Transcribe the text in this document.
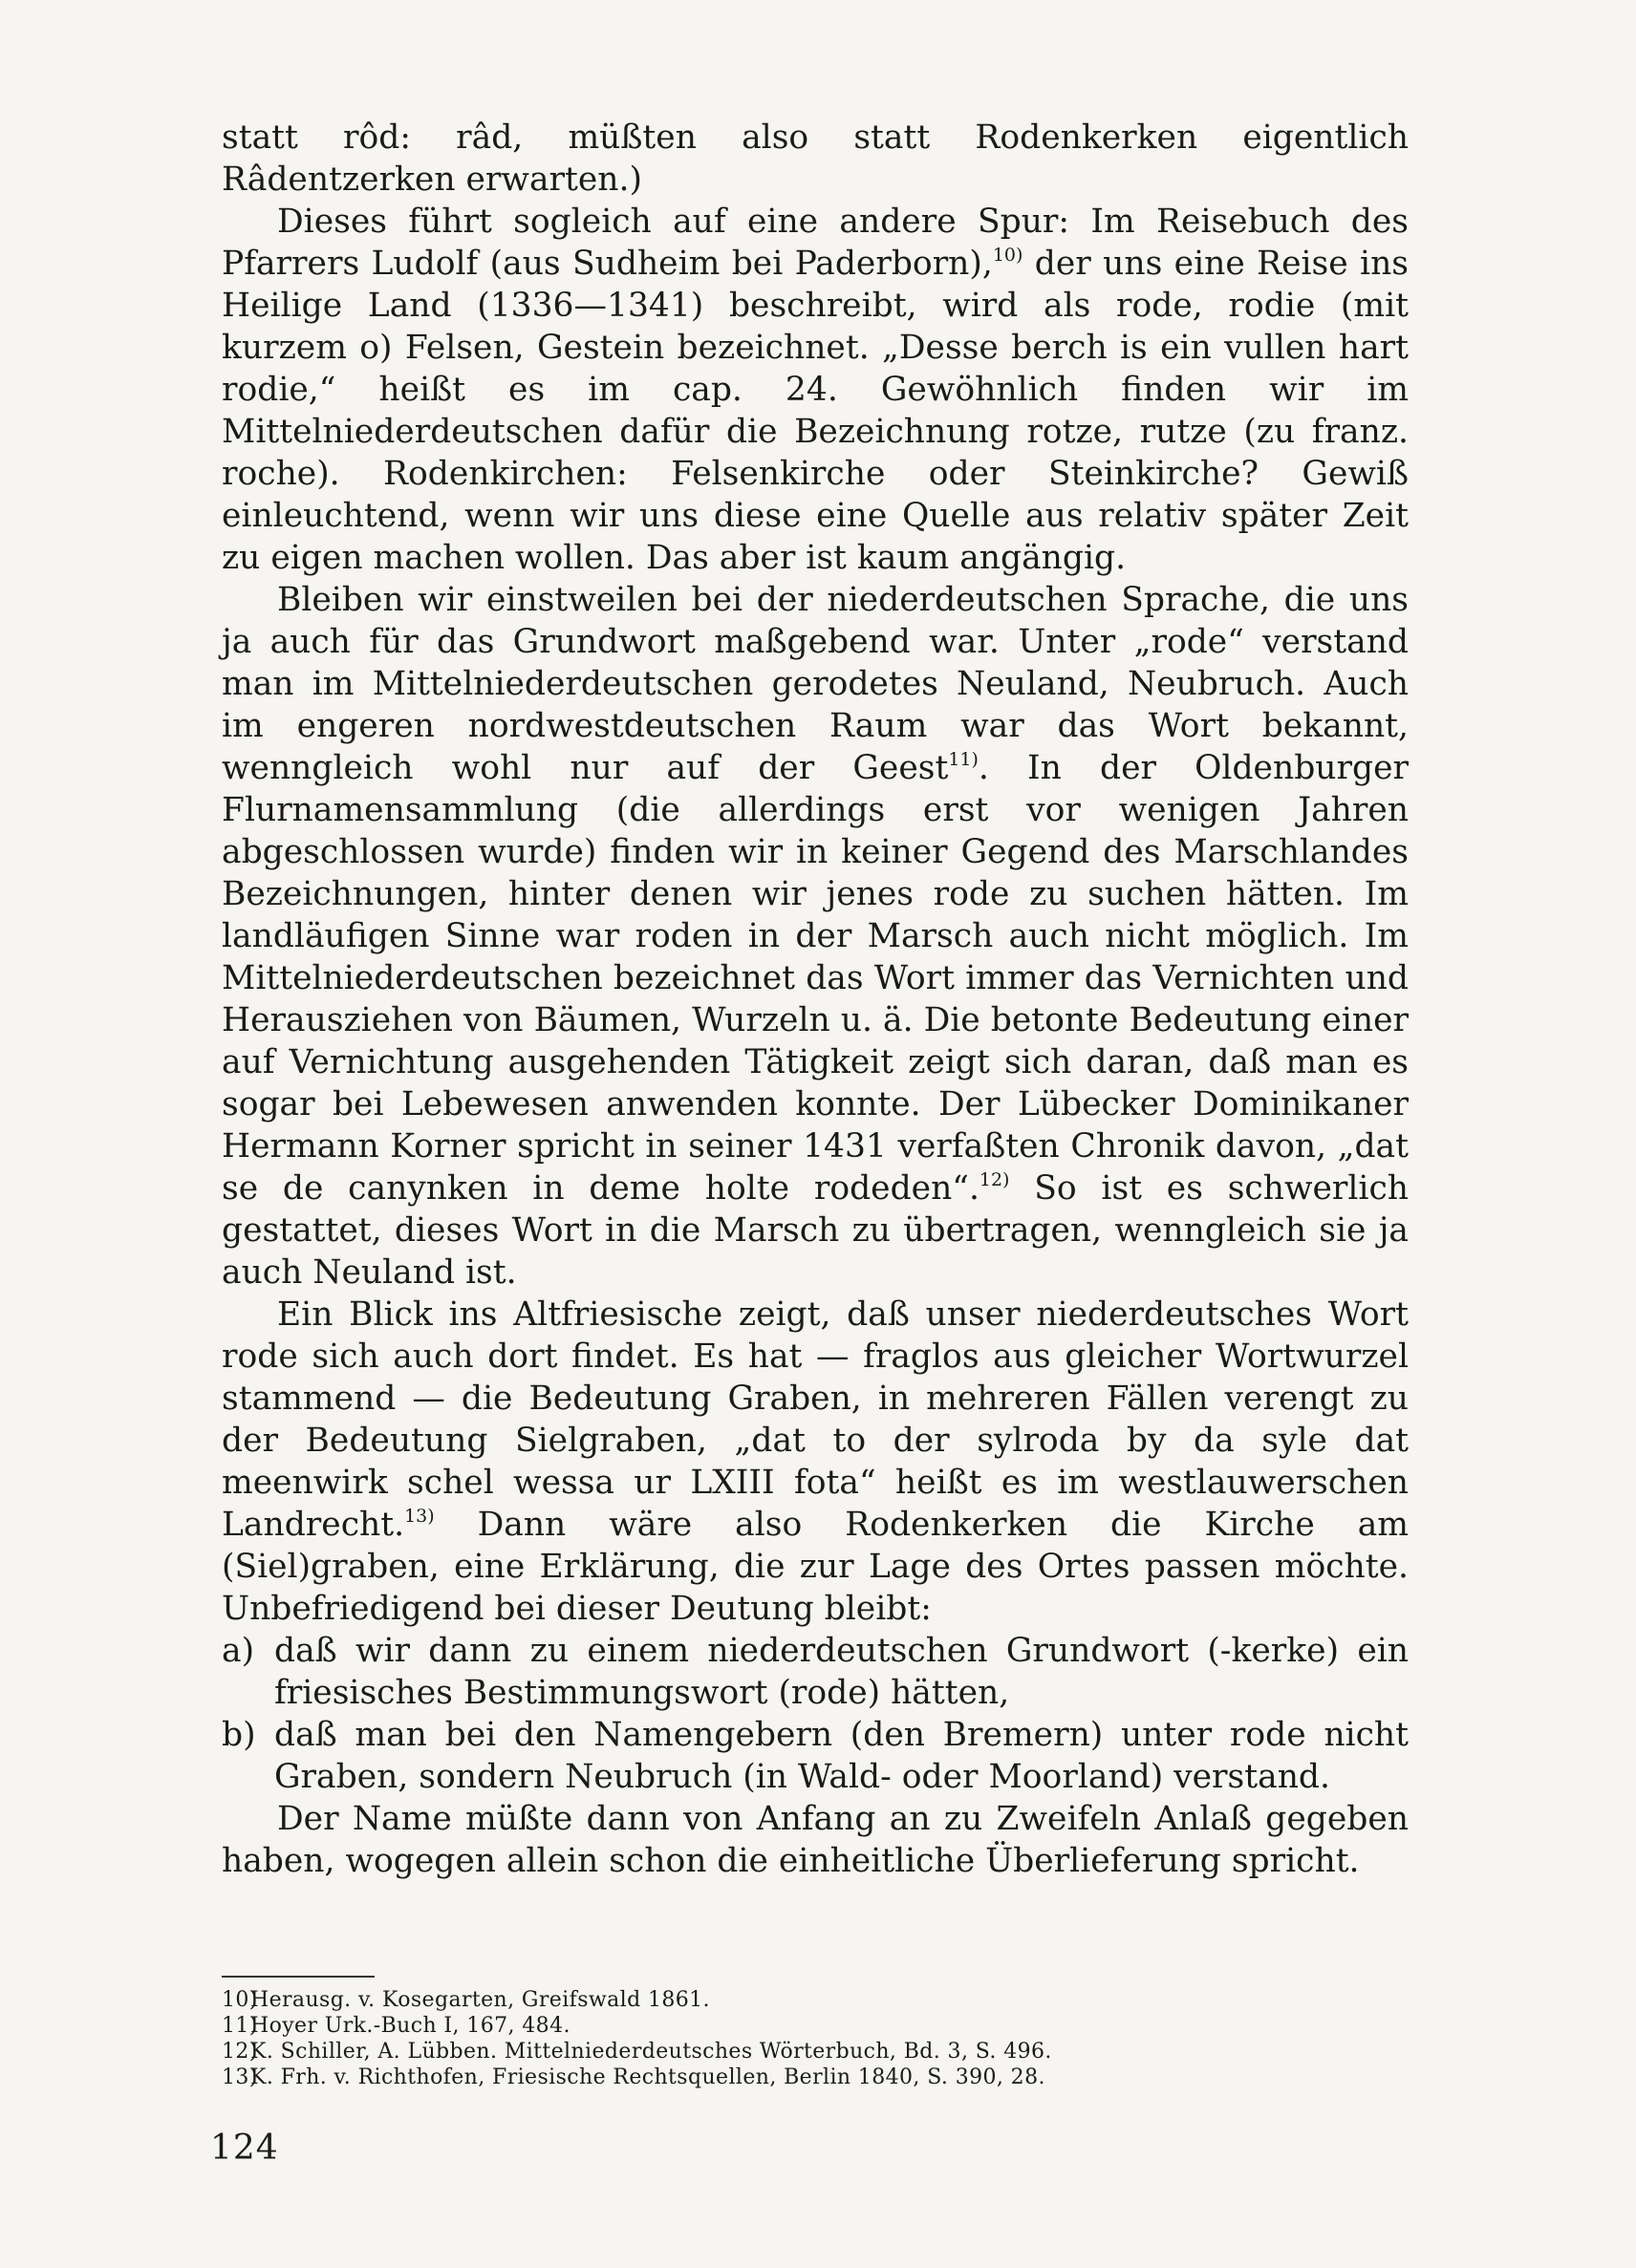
statt rôd: râd, müßten also statt Rodenkerken eigentlich Râdentzerken erwarten.)

Dieses führt sogleich auf eine andere Spur: Im Reisebuch des Pfarrers Ludolf (aus Sudheim bei Paderborn),$^{10)}$ der uns eine Reise ins Heilige Land (1336—1341) beschreibt, wird als rode, rodie (mit kurzem o) Felsen, Gestein bezeichnet. „Desse berch is ein vullen hart rodie,“ heißt es im cap. 24. Gewöhnlich finden wir im Mittelniederdeutschen dafür die Bezeichnung rotze, rutze (zu franz. roche). Rodenkirchen: Felsenkirche oder Steinkirche? Gewiß einleuchtend, wenn wir uns diese eine Quelle aus relativ später Zeit zu eigen machen wollen. Das aber ist kaum angängig.

Bleiben wir einstweilen bei der niederdeutschen Sprache, die uns ja auch für das Grundwort maßgebend war. Unter „rode“ verstand man im Mittelniederdeutschen gerodetes Neuland, Neubruch. Auch im engeren nordwestdeutschen Raum war das Wort bekannt, wenngleich wohl nur auf der Geest$^{11)}$. In der Oldenburger Flurnamensammlung (die allerdings erst vor wenigen Jahren abgeschlossen wurde) finden wir in keiner Gegend des Marschlandes Bezeichnungen, hinter denen wir jenes rode zu suchen hätten. Im landläufigen Sinne war roden in der Marsch auch nicht möglich. Im Mittelniederdeutschen bezeichnet das Wort immer das Vernichten und Herausziehen von Bäumen, Wurzeln u. ä. Die betonte Bedeutung einer auf Vernichtung ausgehenden Tätigkeit zeigt sich daran, daß man es sogar bei Lebewesen anwenden konnte. Der Lübecker Dominikaner Hermann Korner spricht in seiner 1431 verfaßten Chronik davon, „dat se de canynken in deme holte rodeden“.$^{12)}$ So ist es schwerlich gestattet, dieses Wort in die Marsch zu übertragen, wenngleich sie ja auch Neuland ist.

Ein Blick ins Altfriesische zeigt, daß unser niederdeutsches Wort rode sich auch dort findet. Es hat — fraglos aus gleicher Wortwurzel stammend — die Bedeutung Graben, in mehreren Fällen verengt zu der Bedeutung Sielgraben, „dat to der sylroda by da syle dat meenwirk schel wessa ur LXIII fota“ heißt es im westlauwerschen Landrecht.$^{13)}$ Dann wäre also Rodenkerken die Kirche am (Siel)graben, eine Erklärung, die zur Lage des Ortes passen möchte. Unbefriedigend bei dieser Deutung bleibt:

a) daß wir dann zu einem niederdeutschen Grundwort (-kerke) ein friesisches Bestimmungswort (rode) hätten,
b) daß man bei den Namengebern (den Bremern) unter rode nicht Graben, sondern Neubruch (in Wald- oder Moorland) verstand.

Der Name müßte dann von Anfang an zu Zweifeln Anlaß gegeben haben, wogegen allein schon die einheitliche Überlieferung spricht.

10)
Herausg. v. Kosegarten, Greifswald 1861.
11)
Hoyer Urk.-Buch I, 167, 484.
12)
K. Schiller, A. Lübben. Mittelniederdeutsches Wörterbuch, Bd. 3, S. 496.
13)
K. Frh. v. Richthofen, Friesische Rechtsquellen, Berlin 1840, S. 390, 28.
124
